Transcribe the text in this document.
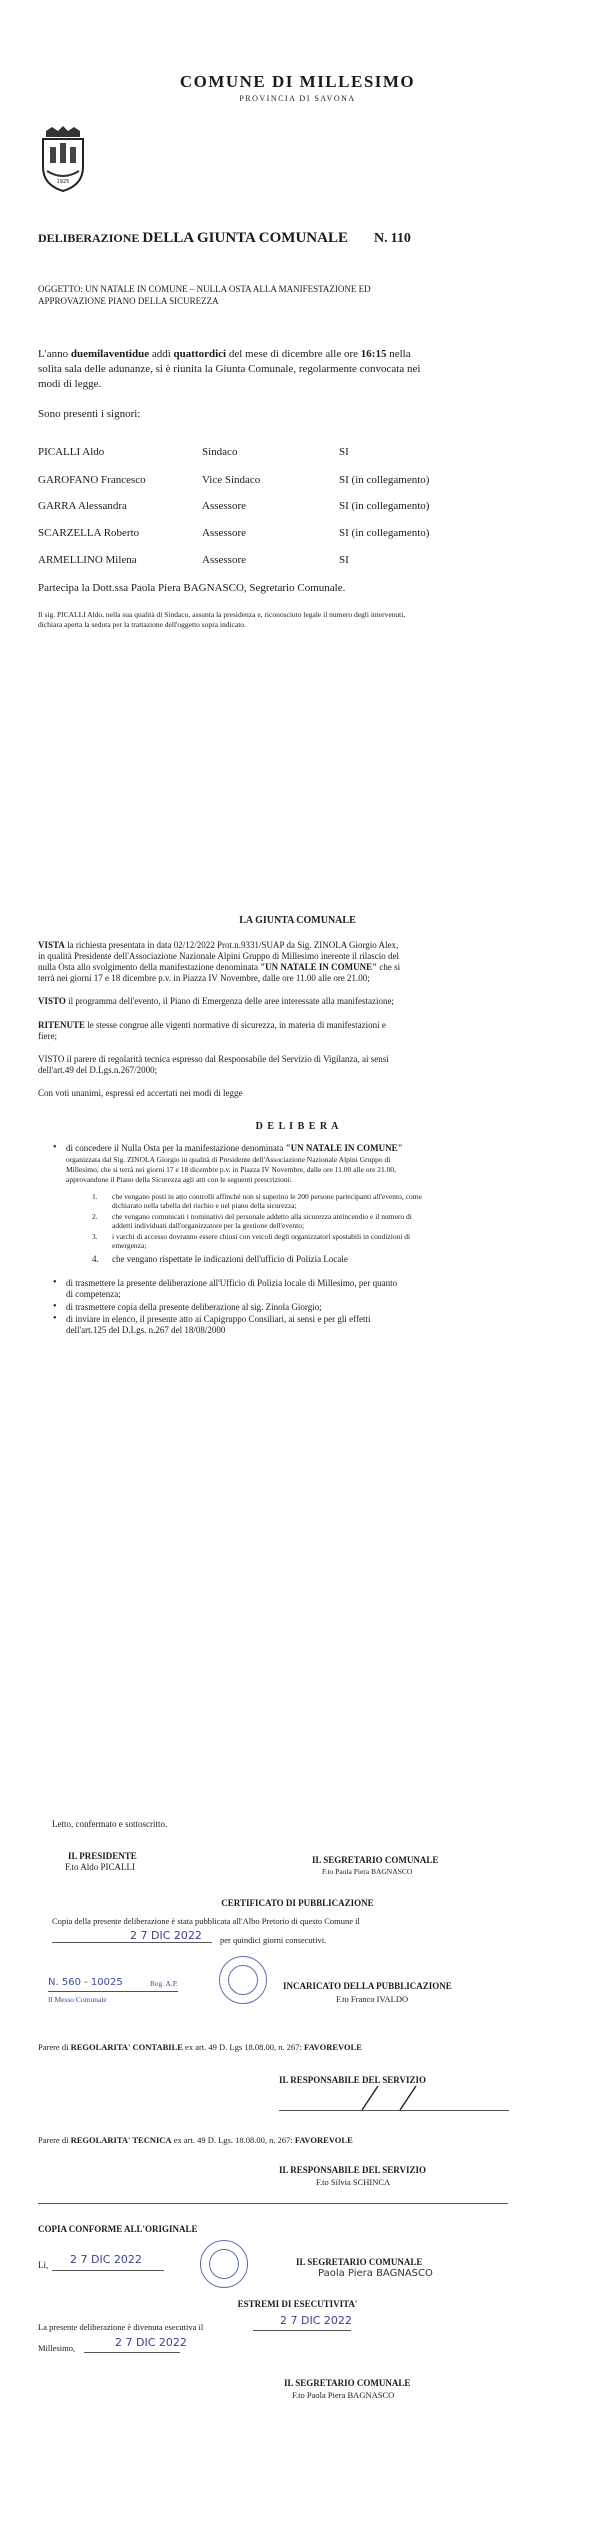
COMUNE DI MILLESIMO
PROVINCIA DI SAVONA
1925
DELIBERAZIONE DELLA GIUNTA COMUNALE N. 110
OGGETTO: UN NATALE IN COMUNE – NULLA OSTA ALLA MANIFESTAZIONE ED
APPROVAZIONE PIANO DELLA SICUREZZA
L'anno duemilaventidue addì quattordici del mese di dicembre alle ore 16:15 nella
solita sala delle adunanze, si è riunita la Giunta Comunale, regolarmente convocata nei
modi di legge.
Sono presenti i signori:
PICALLI Aldo	Sindaco	SI
GAROFANO Francesco	Vice Sindaco	SI (in collegamento)
GARRA Alessandra	Assessore	SI (in collegamento)
SCARZELLA Roberto	Assessore	SI (in collegamento)
ARMELLINO Milena	Assessore	SI
Partecipa la Dott.ssa Paola Piera BAGNASCO, Segretario Comunale.
Il sig. PICALLI Aldo, nella sua qualità di Sindaco, assunta la presidenza e, riconosciuto legale il numero degli intervenuti,
dichiara aperta la seduta per la trattazione dell'oggetto sopra indicato.
LA GIUNTA COMUNALE
VISTA la richiesta presentata in data 02/12/2022 Prot.n.9331/SUAP da Sig. ZINOLA Giorgio Alex,
in qualità Presidente dell'Associazione Nazionale Alpini Gruppo di Millesimo inerente il rilascio del
nulla Osta allo svolgimento della manifestazione denominata "UN NATALE IN COMUNE" che si
terrà nei giorni 17 e 18 dicembre p.v. in Piazza IV Novembre, dalle ore 11.00 alle ore 21.00;
VISTO il programma dell'evento, il Piano di Emergenza delle aree interessate alla manifestazione;
RITENUTE le stesse congrue alle vigenti normative di sicurezza, in materia di manifestazioni e
fiere;
VISTO il parere di regolarità tecnica espresso dal Responsabile del Servizio di Vigilanza, ai sensi
dell'art.49 del D.Lgs.n.267/2000;
Con voti unanimi, espressi ed accertati nei modi di legge
D E L I B E R A
• di concedere il Nulla Osta per la manifestazione denominata "UN NATALE IN COMUNE"
organizzata dal Sig. ZINOLA Giorgio in qualità di Presidente dell'Associazione Nazionale Alpini Gruppo di
Millesimo, che si terrà nei giorni 17 e 18 dicembre p.v. in Piazza IV Novembre, dalle ore 11.00 alle ore 21.00,
approvandone il Piano della Sicurezza agli atti con le seguenti prescrizioni:
1. che vengano posti in atto controlli affinché non si superino le 200 persone partecipanti all'evento, come
dichiarato nella tabella del rischio e nel piano della sicurezza;
2. che vengano comunicati i nominativi del personale addetto alla sicurezza antincendio e il numero di
addetti individuati dall'organizzatore per la gestione dell'evento;
3. i varchi di accesso dovranno essere chiusi con veicoli degli organizzatori spostabili in condizioni di
emergenza;
4. che vengano rispettate le indicazioni dell'ufficio di Polizia Locale
• di trasmettere la presente deliberazione all'Ufficio di Polizia locale di Millesimo, per quanto
di competenza;
• di trasmettere copia della presente deliberazione al sig. Zinola Giorgio;
• di inviare in elenco, il presente atto ai Capigruppo Consiliari, ai sensi e per gli effetti
dell'art.125 del D.Lgs. n.267 del 18/08/2000
Letto, confermato e sottoscritto.
IL PRESIDENTE
F.to Aldo PICALLI
IL SEGRETARIO COMUNALE
F.to Paola Piera BAGNASCO
CERTIFICATO DI PUBBLICAZIONE
Copia della presente deliberazione è stata pubblicata all'Albo Pretorio di questo Comune il
2 7 DIC 2022 per quindici giorni consecutivi.
N. 560 - 10025	Reg. A.P.
Il Messo Comunale
INCARICATO DELLA PUBBLICAZIONE
F.to Franco IVALDO
Parere di REGOLARITA' CONTABILE ex art. 49 D. Lgs 18.08.00, n. 267: FAVOREVOLE
IL RESPONSABILE DEL SERVIZIO
Parere di REGOLARITA' TECNICA ex art. 49 D. Lgs. 18.08.00, n. 267: FAVOREVOLE
IL RESPONSABILE DEL SERVIZIO
F.to Silvia SCHINCA
COPIA CONFORME ALL'ORIGINALE
Lì, 2 7 DIC 2022	IL SEGRETARIO COMUNALE
Paola Piera BAGNASCO
ESTREMI DI ESECUTIVITA'
La presente deliberazione è divenuta esecutiva il	2 7 DIC 2022
Millesimo,	2 7 DIC 2022
IL SEGRETARIO COMUNALE
F.to Paola Piera BAGNASCO
